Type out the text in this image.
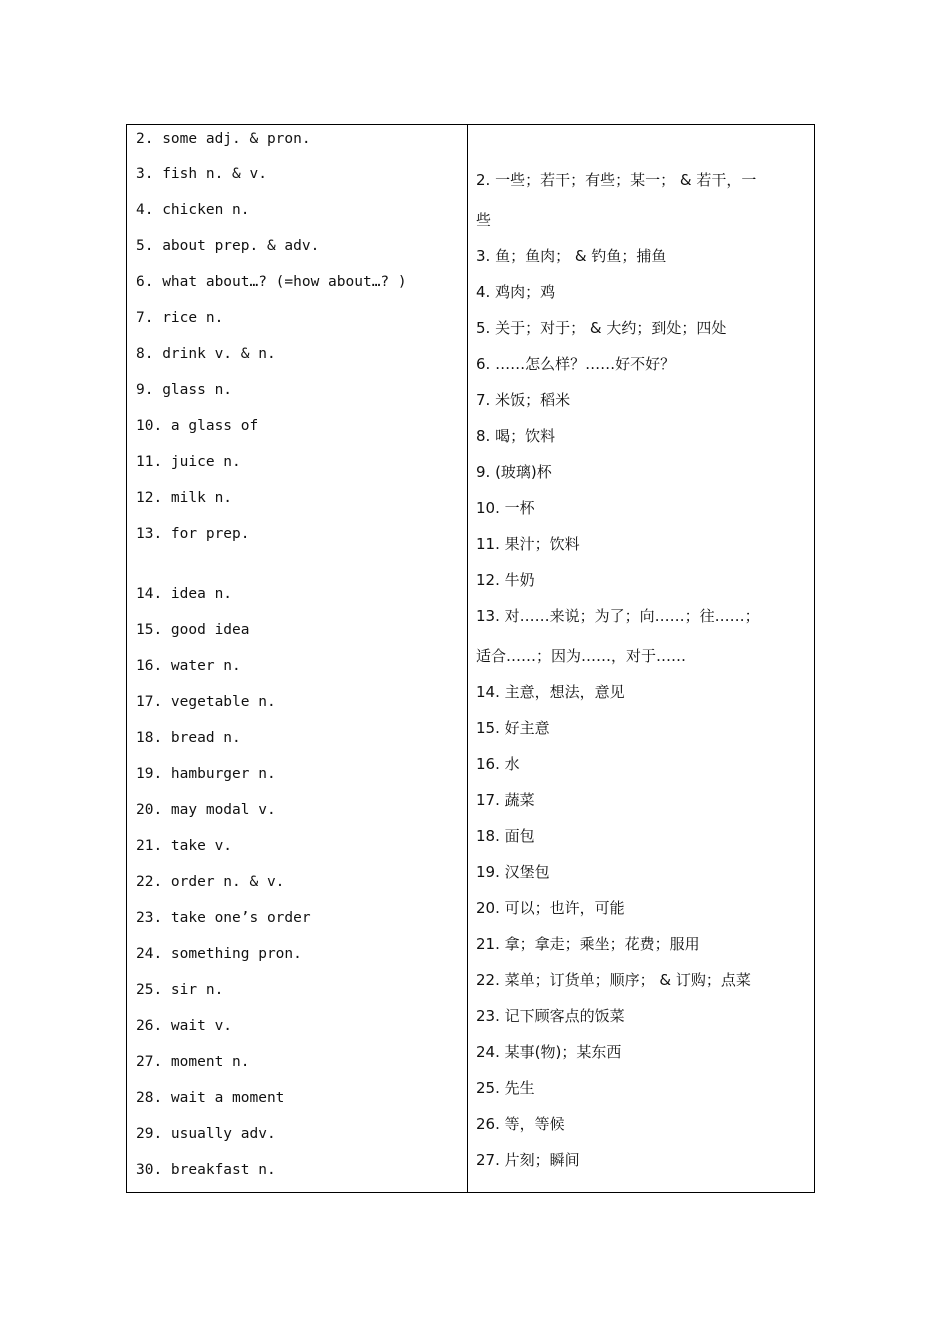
2. some adj. & pron.
3. fish n. & v.
4. chicken n.
5. about prep. & adv.
6. what about…? (=how about…? )
7. rice n.
8. drink v. & n.
9. glass n.
10. a glass of
11. juice n.
12. milk n.
13. for prep.
14. idea n.
15. good idea
16. water n.
17. vegetable n.
18. bread n.
19. hamburger n.
20. may modal v.
21. take v.
22. order n. & v.
23. take one’s order
24. something pron.
25. sir n.
26. wait v.
27. moment n.
28. wait a moment
29. usually adv.
30. breakfast n.
2. 一些；若干；有些；某一； & 若干，一
些
3. 鱼；鱼肉； & 钓鱼；捕鱼
4. 鸡肉；鸡
5. 关于；对于； & 大约；到处；四处
6. ……怎么样？……好不好？
7. 米饭；稻米
8. 喝；饮料
9. (玻璃)杯
10. 一杯
11. 果汁；饮料
12. 牛奶
13. 对……来说；为了；向……；往……；
适合……；因为……，对于……
14. 主意，想法，意见
15. 好主意
16. 水
17. 蔬菜
18. 面包
19. 汉堡包
20. 可以；也许，可能
21. 拿；拿走；乘坐；花费；服用
22. 菜单；订货单；顺序； & 订购；点菜
23. 记下顾客点的饭菜
24. 某事(物)；某东西
25. 先生
26. 等，等候
27. 片刻；瞬间
